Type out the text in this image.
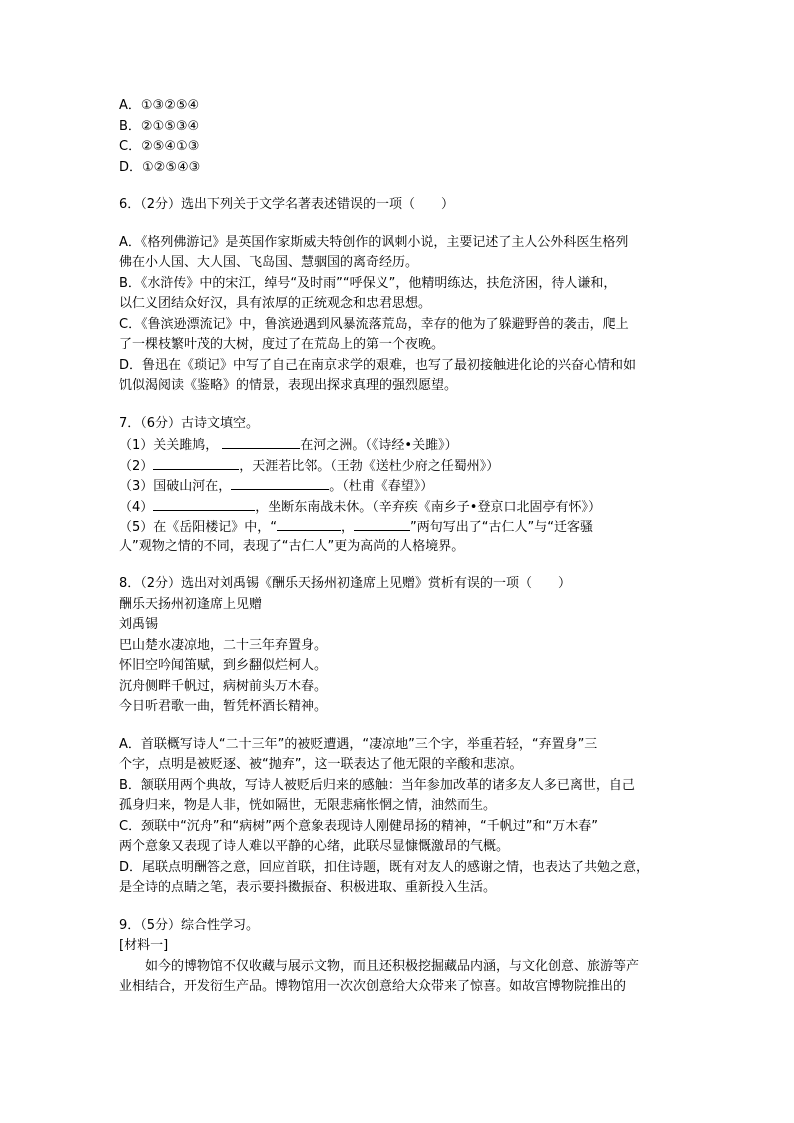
A．①③②⑤④
B．②①⑤③④
C．②⑤④①③
D．①②⑤④③
6．（2分）选出下列关于文学名著表述错误的一项（　　）
A．《格列佛游记》是英国作家斯威夫特创作的讽刺小说，主要记述了主人公外科医生格列
佛在小人国、大人国、飞岛国、慧骃国的离奇经历。
B．《水浒传》中的宋江，绰号“及时雨”“呼保义”，他精明练达，扶危济困，待人谦和，
以仁义团结众好汉，具有浓厚的正统观念和忠君思想。
C．《鲁滨逊漂流记》中，鲁滨逊遇到风暴流落荒岛，幸存的他为了躲避野兽的袭击，爬上
了一棵枝繁叶茂的大树，度过了在荒岛上的第一个夜晚。
D．鲁迅在《琐记》中写了自己在南京求学的艰难，也写了最初接触进化论的兴奋心情和如
饥似渴阅读《鉴略》的情景，表现出探求真理的强烈愿望。
7．（6分）古诗文填空。
（1）关关雎鸠，	在河之洲。（《诗经•关雎》）
（2）	，天涯若比邻。（王勃《送杜少府之任蜀州》）
（3）国破山河在，	。（杜甫《春望》）
（4）	，坐断东南战未休。（辛弃疾《南乡子•登京口北固亭有怀》）
（5）在《岳阳楼记》中，“	，	”两句写出了“古仁人”与“迁客骚
人”观物之情的不同，表现了“古仁人”更为高尚的人格境界。
8．（2分）选出对刘禹锡《酬乐天扬州初逢席上见赠》赏析有误的一项（　　）
酬乐天扬州初逢席上见赠
刘禹锡
巴山楚水凄凉地，二十三年弃置身。
怀旧空吟闻笛赋，到乡翻似烂柯人。
沉舟侧畔千帆过，病树前头万木春。
今日听君歌一曲，暂凭杯酒长精神。
A．首联概写诗人“二十三年”的被贬遭遇，“凄凉地”三个字，举重若轻，“弃置身”三
个字，点明是被贬逐、被“抛弃”，这一联表达了他无限的辛酸和悲凉。
B．颔联用两个典故，写诗人被贬后归来的感触：当年参加改革的诸多友人多已离世，自己
孤身归来，物是人非，恍如隔世，无限悲痛怅惘之情，油然而生。
C．颈联中“沉舟”和“病树”两个意象表现诗人刚健昂扬的精神，“千帆过”和“万木春”
两个意象又表现了诗人难以平静的心绪，此联尽显慷慨激昂的气概。
D．尾联点明酬答之意，回应首联，扣住诗题，既有对友人的感谢之情，也表达了共勉之意，
是全诗的点睛之笔，表示要抖擞振奋、积极进取、重新投入生活。
9．（5分）综合性学习。
[材料一]
如今的博物馆不仅收藏与展示文物，而且还积极挖掘藏品内涵，与文化创意、旅游等产
业相结合，开发衍生产品。博物馆用一次次创意给大众带来了惊喜。如故宫博物院推出的
